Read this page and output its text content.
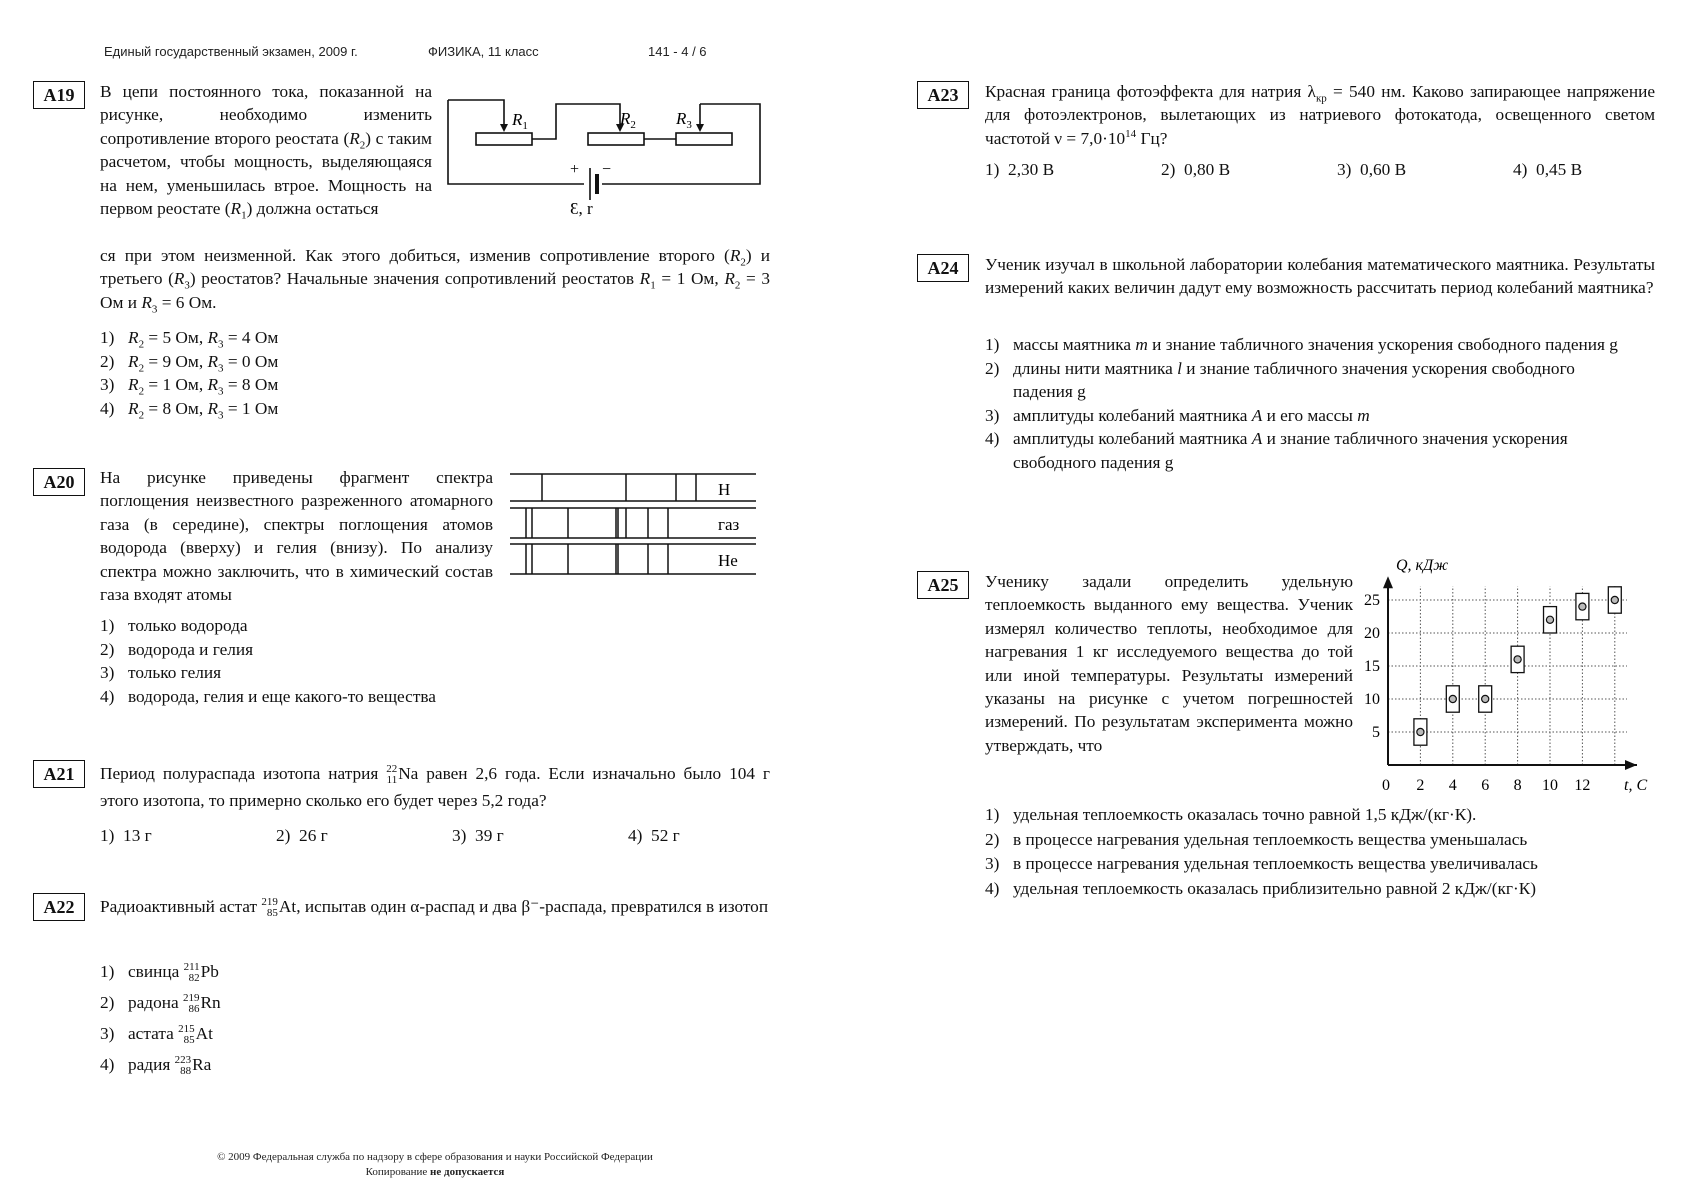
Единый государственный экзамен, 2009 г.	ФИЗИКА, 11 класс	141 - 4 / 6
А19	В цепи постоянного тока, показанной на рисунке, необходимо изменить сопротивление второго реостата $(R_2)$ с таким расчетом, чтобы мощность, выделяющаяся на нем, уменьшилась втрое. Мощность на первом реостате $(R_1)$ должна остаться
ся при этом неизменной. Как этого добиться, изменив сопротивление второго $(R_2)$ и третьего $(R_3)$ реостатов? Начальные значения сопротивлений реостатов $R_1 = 1$ Ом, $R_2 = 3$ Ом и $R_3 = 6$ Ом.
$R_1$	$R_2$ $R_3$
+ −
Ɛ, r
1) $R_2 = 5$ Ом, $R_3 = 4$ Ом
2) $R_2 = 9$ Ом, $R_3 = 0$ Ом
3) $R_2 = 1$ Ом, $R_3 = 8$ Ом
4) $R_2 = 8$ Ом, $R_3 = 1$ Ом
А20	На рисунке приведены фрагмент спектра поглощения неизвестного разреженного атомарного газа (в середине), спектры поглощения атомов водорода (вверху) и гелия (внизу). По анализу спектра можно заключить, что в химический состав газа входят атомы
H
газ
He
1) только водорода
2) водорода и гелия
3) только гелия
4) водорода, гелия и еще какого-то вещества
А21	Период полураспада изотопа натрия 22
11 Na равен 2,6 года. Если изначально было 104 г этого изотопа, то примерно сколько его будет через 5,2 года?
1) 13 г	2) 26 г	3) 39 г	4) 52 г
А22	Радиоактивный астат 219
85 At, испытав один α-распад и два β⁻-распада, превратился в изотоп
1) свинца 211
82 Pb
2) радона 219
86 Rn
3) астата 215
85 At
4) радия 223
88 Ra
А23	Красная граница фотоэффекта для натрия $\lambda_{кр} = 540$ нм. Каково запирающее напряжение для фотоэлектронов, вылетающих из натриевого фотокатода, освещенного светом частотой $\nu = 7,0\cdot 10^{14}$ Гц?
1) 2,30 В	2) 0,80 В	3) 0,60 В	4) 0,45 В
А24	Ученик изучал в школьной лаборатории колебания математического маятника. Результаты измерений каких величин дадут ему возможность рассчитать период колебаний маятника?
1) массы маятника m и знание табличного значения ускорения свободного падения g
2) длины нити маятника l и знание табличного значения ускорения свободного падения g
3) амплитуды колебаний маятника A и его массы m
4) амплитуды колебаний маятника A и знание табличного значения ускорения свободного падения g
А25	Ученику задали определить удельную теплоемкость выданного ему вещества. Ученик измерял количество теплоты, необходимое для нагревания 1 кг исследуемого вещества до той или иной температуры. Результаты измерений указаны на рисунке с учетом погрешностей измерений. По результатам эксперимента можно утверждать, что
2 4 6 8 10 12
5
10
15
20
25
Q, кДж
t, C
0
1) удельная теплоемкость оказалась точно равной 1,5 кДж/(кг·К).
2) в процессе нагревания удельная теплоемкость вещества уменьшалась
3) в процессе нагревания удельная теплоемкость вещества увеличивалась
4) удельная теплоемкость оказалась приблизительно равной 2 кДж/(кг·К)
© 2009 Федеральная служба по надзору в сфере образования и науки Российской Федерации
Копирование не допускается
